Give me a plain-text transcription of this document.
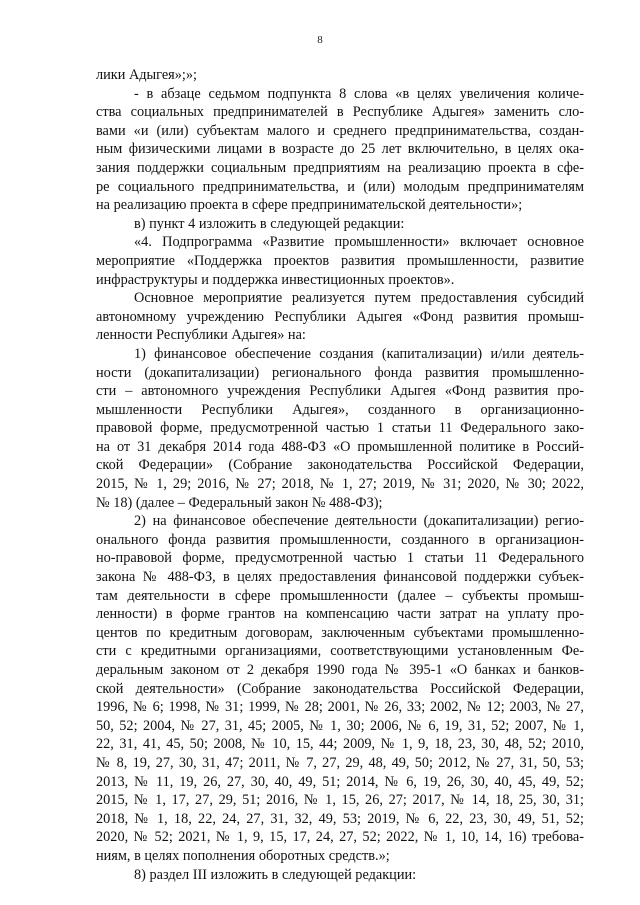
8
лики Адыгея»;»;
- в абзаце седьмом подпункта 8 слова «в целях увеличения количе-
ства социальных предпринимателей в Республике Адыгея» заменить сло-
вами «и (или) субъектам малого и среднего предпринимательства, создан-
ным физическими лицами в возрасте до 25 лет включительно, в целях ока-
зания поддержки социальным предприятиям на реализацию проекта в сфе-
ре социального предпринимательства, и (или) молодым предпринимателям
на реализацию проекта в сфере предпринимательской деятельности»;
в) пункт 4 изложить в следующей редакции:
«4. Подпрограмма «Развитие промышленности» включает основное
мероприятие «Поддержка проектов развития промышленности, развитие
инфраструктуры и поддержка инвестиционных проектов».
Основное мероприятие реализуется путем предоставления субсидий
автономному учреждению Республики Адыгея «Фонд развития промыш-
ленности Республики Адыгея» на:
1) финансовое обеспечение создания (капитализации) и/или деятель-
ности (докапитализации) регионального фонда развития промышленно-
сти – автономного учреждения Республики Адыгея «Фонд развития про-
мышленности Республики Адыгея», созданного в организационно-
правовой форме, предусмотренной частью 1 статьи 11 Федерального зако-
на от 31 декабря 2014 года 488-ФЗ «О промышленной политике в Россий-
ской Федерации» (Собрание законодательства Российской Федерации,
2015, № 1, 29; 2016, № 27; 2018, № 1, 27; 2019, № 31; 2020, № 30; 2022,
№ 18) (далее – Федеральный закон № 488-ФЗ);
2) на финансовое обеспечение деятельности (докапитализации) регио-
онального фонда развития промышленности, созданного в организацион-
но-правовой форме, предусмотренной частью 1 статьи 11 Федерального
закона № 488-ФЗ, в целях предоставления финансовой поддержки субъек-
там деятельности в сфере промышленности (далее – субъекты промыш-
ленности) в форме грантов на компенсацию части затрат на уплату про-
центов по кредитным договорам, заключенным субъектами промышленно-
сти с кредитными организациями, соответствующими установленным Фе-
деральным законом от 2 декабря 1990 года № 395-1 «О банках и банков-
ской деятельности» (Собрание законодательства Российской Федерации,
1996, № 6; 1998, № 31; 1999, № 28; 2001, № 26, 33; 2002, № 12; 2003, № 27,
50, 52; 2004, № 27, 31, 45; 2005, № 1, 30; 2006, № 6, 19, 31, 52; 2007, № 1,
22, 31, 41, 45, 50; 2008, № 10, 15, 44; 2009, № 1, 9, 18, 23, 30, 48, 52; 2010,
№ 8, 19, 27, 30, 31, 47; 2011, № 7, 27, 29, 48, 49, 50; 2012, № 27, 31, 50, 53;
2013, № 11, 19, 26, 27, 30, 40, 49, 51; 2014, № 6, 19, 26, 30, 40, 45, 49, 52;
2015, № 1, 17, 27, 29, 51; 2016, № 1, 15, 26, 27; 2017, № 14, 18, 25, 30, 31;
2018, № 1, 18, 22, 24, 27, 31, 32, 49, 53; 2019, № 6, 22, 23, 30, 49, 51, 52;
2020, № 52; 2021, № 1, 9, 15, 17, 24, 27, 52; 2022, № 1, 10, 14, 16) требова-
ниям, в целях пополнения оборотных средств.»;
8) раздел III изложить в следующей редакции:
